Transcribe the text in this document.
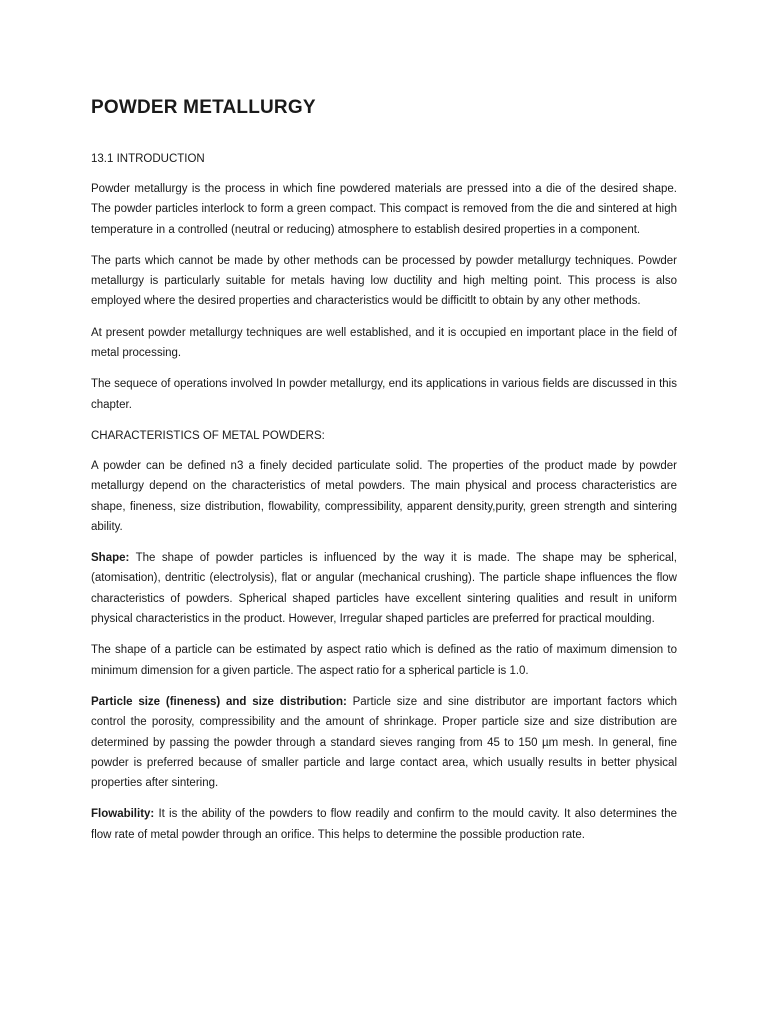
POWDER METALLURGY
13.1 INTRODUCTION

Powder metallurgy is the process in which fine powdered materials are pressed into a die of the desired shape. The powder particles interlock to form a green compact. This compact is removed from the die and sintered at high temperature in a controlled (neutral or reducing) atmosphere to establish desired properties in a component.

The parts which cannot be made by other methods can be processed by powder metallurgy techniques. Powder metallurgy is particularly suitable for metals having low ductility and high melting point. This process is also employed where the desired properties and characteristics would be difficitlt to obtain by any other methods.

At present powder metallurgy techniques are well established, and it is occupied en important place in the field of metal processing.

The sequece of operations involved In powder metallurgy, end its applications in various fields are discussed in this chapter.

CHARACTERISTICS OF METAL POWDERS:

A powder can be defined n3 a finely decided particulate solid. The properties of the product made by powder metallurgy depend on the characteristics of metal powders. The main physical and process characteristics are shape, fineness, size distribution, flowability, compressibility, apparent density,purity, green strength and sintering ability.

Shape: The shape of powder particles is influenced by the way it is made. The shape may be spherical, (atomisation), dentritic (electrolysis), flat or angular (mechanical crushing). The particle shape influences the flow characteristics of powders. Spherical shaped particles have excellent sintering qualities and result in uniform physical characteristics in the product. However, Irregular shaped particles are preferred for practical moulding.

The shape of a particle can be estimated by aspect ratio which is defined as the ratio of maximum dimension to minimum dimension for a given particle. The aspect ratio for a spherical particle is 1.0.

Particle size (fineness) and size distribution: Particle size and sine distributor are important factors which control the porosity, compressibility and the amount of shrinkage. Proper particle size and size distribution are determined by passing the powder through a standard sieves ranging from 45 to 150 µm mesh. In general, fine powder is preferred because of smaller particle and large contact area, which usually results in better physical properties after sintering.

Flowability: It is the ability of the powders to flow readily and confirm to the mould cavity. It also determines the flow rate of metal powder through an orifice. This helps to determine the possible production rate.
